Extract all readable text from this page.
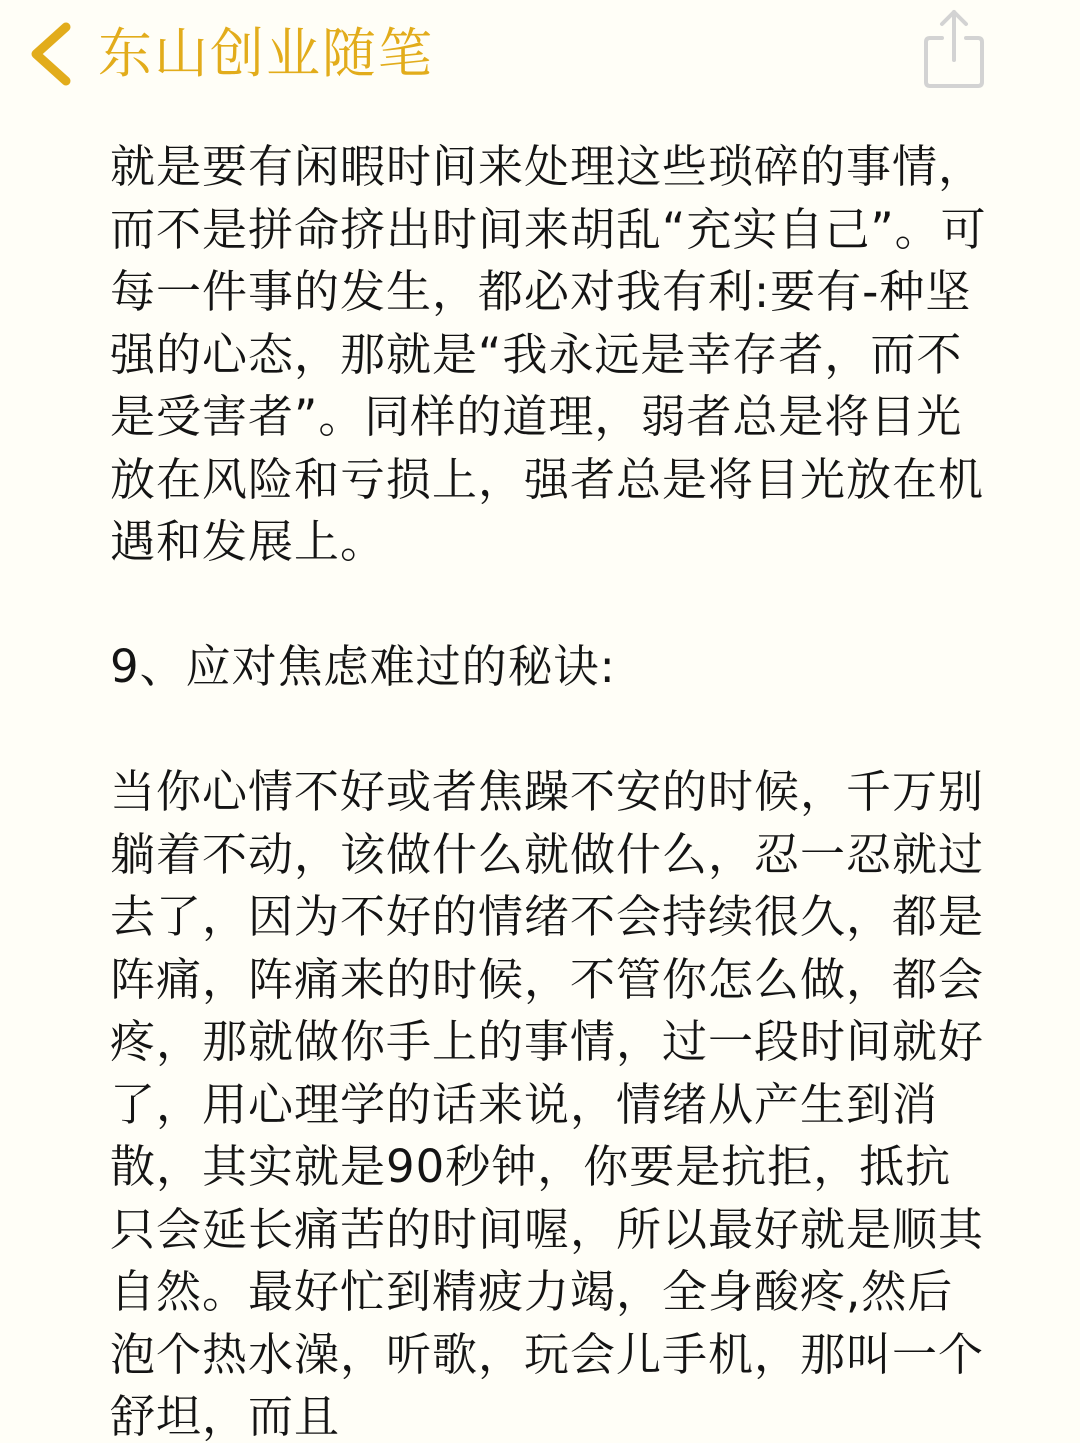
东山创业随笔

就是要有闲暇时间来处理这些琐碎的事情，而不是拼命挤出时间来胡乱“充实自己”。可每一件事的发生，都必对我有利:要有-种坚强的心态，那就是“我永远是幸存者，而不是受害者”。同样的道理，弱者总是将目光放在风险和亏损上，强者总是将目光放在机遇和发展上。

9、应对焦虑难过的秘诀:

当你心情不好或者焦躁不安的时候，千万别躺着不动，该做什么就做什么，忍一忍就过去了，因为不好的情绪不会持续很久，都是阵痛，阵痛来的时候，不管你怎么做，都会疼，那就做你手上的事情，过一段时间就好了，用心理学的话来说，情绪从产生到消散，其实就是90秒钟，你要是抗拒，抵抗只会延长痛苦的时间喔，所以最好就是顺其自然。最好忙到精疲力竭，全身酸疼,然后泡个热水澡，听歌，玩会儿手机，那叫一个舒坦，而且
